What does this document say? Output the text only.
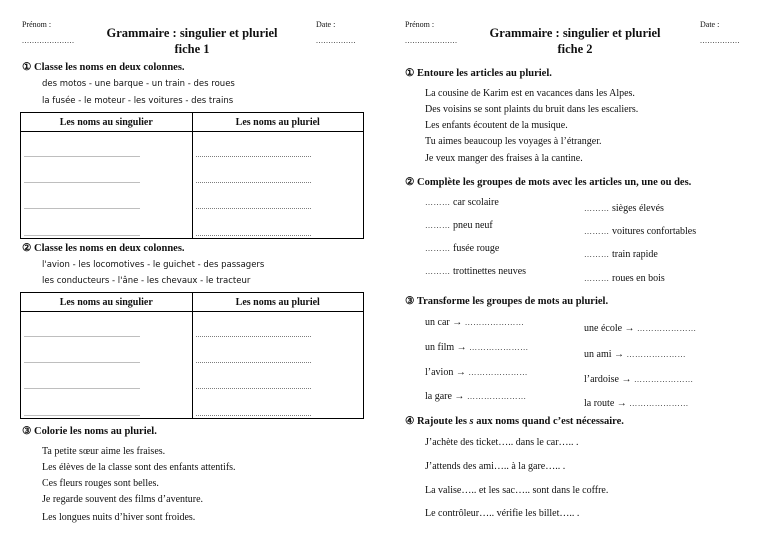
Prénom :
.....................
Date :
................
Grammaire : singulier et pluriel
fiche 1
① Classe les noms en deux colonnes.
des motos - une barque - un train - des roues
la fusée - le moteur - les voitures - des trains
Les noms au singulier	Les noms au pluriel
..........................................................	..........................................................
..........................................................	..........................................................
..........................................................	..........................................................
..........................................................	..........................................................
② Classe les noms en deux colonnes.
l'avion - les locomotives - le guichet - des passagers
les conducteurs - l'âne - les chevaux - le tracteur
Les noms au singulier	Les noms au pluriel
..........................................................	..........................................................
..........................................................	..........................................................
..........................................................	..........................................................
..........................................................	..........................................................
③ Colorie les noms au pluriel.
Ta petite sœur aime les fraises.
Les élèves de la classe sont des enfants attentifs.
Ces fleurs rouges sont belles.
Je regarde souvent des films d’aventure.
Les longues nuits d’hiver sont froides.
Prénom :
.....................
Date :
................
Grammaire : singulier et pluriel
fiche 2
① Entoure les articles au pluriel.
La cousine de Karim est en vacances dans les Alpes.
Des voisins se sont plaints du bruit dans les escaliers.
Les enfants écoutent de la musique.
Tu aimes beaucoup les voyages à l’étranger.
Je veux manger des fraises à la cantine.
② Complète les groupes de mots avec les articles un, une ou des.
……… car scolaire
……… pneu neuf
……… fusée rouge
……… trottinettes neuves
……… sièges élevés
……… voitures confortables
……… train rapide
……… roues en bois
③ Transforme les groupes de mots au pluriel.
un car → …………………
un film → …………………
l’avion → …………………
la gare → …………………
une école → …………………
un ami → …………………
l’ardoise → …………………
la route → …………………
④ Rajoute les s aux noms quand c’est nécessaire.
J’achète des ticket….. dans le car….. .
J’attends des ami….. à la gare….. .
La valise….. et les sac….. sont dans le coffre.
Le contrôleur….. vérifie les billet….. .
